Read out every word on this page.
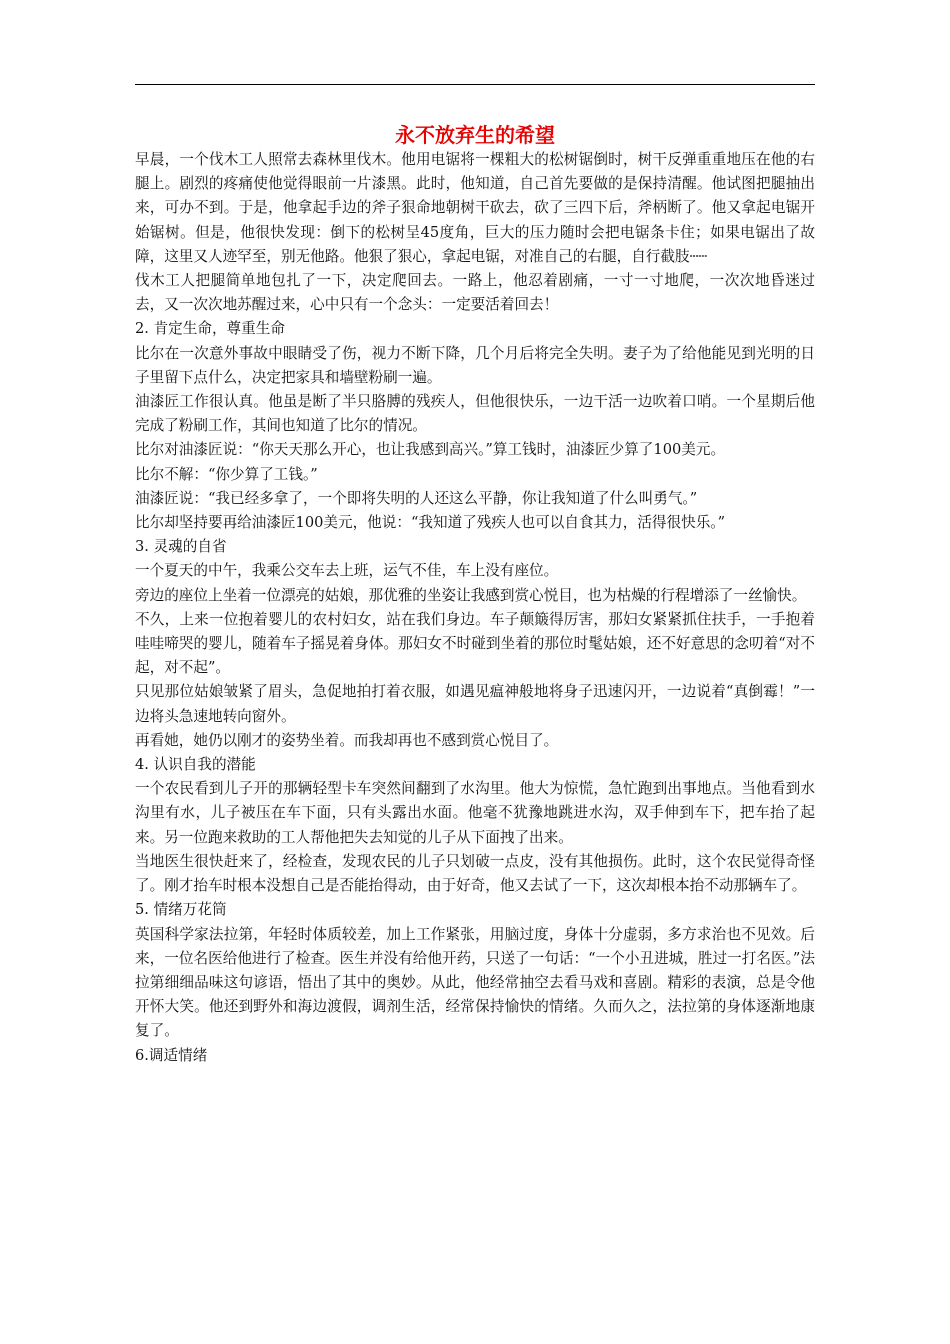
永不放弃生的希望

早晨，一个伐木工人照常去森林里伐木。他用电锯将一棵粗大的松树锯倒时，树干反弹重重地压在他的右腿上。剧烈的疼痛使他觉得眼前一片漆黑。此时，他知道，自己首先要做的是保持清醒。他试图把腿抽出来，可办不到。于是，他拿起手边的斧子狠命地朝树干砍去，砍了三四下后，斧柄断了。他又拿起电锯开始锯树。但是，他很快发现：倒下的松树呈45度角，巨大的压力随时会把电锯条卡住；如果电锯出了故障，这里又人迹罕至，别无他路。他狠了狠心，拿起电锯，对准自己的右腿，自行截肢┄┄

伐木工人把腿简单地包扎了一下，决定爬回去。一路上，他忍着剧痛，一寸一寸地爬，一次次地昏迷过去，又一次次地苏醒过来，心中只有一个念头：一定要活着回去！

2. 肯定生命，尊重生命

比尔在一次意外事故中眼睛受了伤，视力不断下降，几个月后将完全失明。妻子为了给他能见到光明的日子里留下点什么，决定把家具和墙壁粉刷一遍。

油漆匠工作很认真。他虽是断了半只胳膊的残疾人，但他很快乐，一边干活一边吹着口哨。一个星期后他完成了粉刷工作，其间也知道了比尔的情况。

比尔对油漆匠说：“你天天那么开心，也让我感到高兴。”算工钱时，油漆匠少算了100美元。

比尔不解：“你少算了工钱。”

油漆匠说：“我已经多拿了，一个即将失明的人还这么平静，你让我知道了什么叫勇气。”

比尔却坚持要再给油漆匠100美元，他说：“我知道了残疾人也可以自食其力，活得很快乐。”

3. 灵魂的自省

一个夏天的中午，我乘公交车去上班，运气不佳，车上没有座位。

旁边的座位上坐着一位漂亮的姑娘，那优雅的坐姿让我感到赏心悦目，也为枯燥的行程增添了一丝愉快。

不久，上来一位抱着婴儿的农村妇女，站在我们身边。车子颠簸得厉害，那妇女紧紧抓住扶手，一手抱着哇哇啼哭的婴儿，随着车子摇晃着身体。那妇女不时碰到坐着的那位时髦姑娘，还不好意思的念叨着“对不起，对不起”。

只见那位姑娘皱紧了眉头，急促地拍打着衣服，如遇见瘟神般地将身子迅速闪开，一边说着“真倒霉！”一边将头急速地转向窗外。

再看她，她仍以刚才的姿势坐着。而我却再也不感到赏心悦目了。

4. 认识自我的潜能

一个农民看到儿子开的那辆轻型卡车突然间翻到了水沟里。他大为惊慌，急忙跑到出事地点。当他看到水沟里有水，儿子被压在车下面，只有头露出水面。他毫不犹豫地跳进水沟，双手伸到车下，把车抬了起来。另一位跑来救助的工人帮他把失去知觉的儿子从下面拽了出来。

当地医生很快赶来了，经检查，发现农民的儿子只划破一点皮，没有其他损伤。此时，这个农民觉得奇怪了。刚才抬车时根本没想自己是否能抬得动，由于好奇，他又去试了一下，这次却根本抬不动那辆车了。

5. 情绪万花筒

英国科学家法拉第，年轻时体质较差，加上工作紧张，用脑过度，身体十分虚弱，多方求治也不见效。后来，一位名医给他进行了检查。医生并没有给他开药，只送了一句话：“一个小丑进城，胜过一打名医。”法拉第细细品味这句谚语，悟出了其中的奥妙。从此，他经常抽空去看马戏和喜剧。精彩的表演，总是令他开怀大笑。他还到野外和海边渡假，调剂生活，经常保持愉快的情绪。久而久之，法拉第的身体逐渐地康复了。

6.调适情绪
